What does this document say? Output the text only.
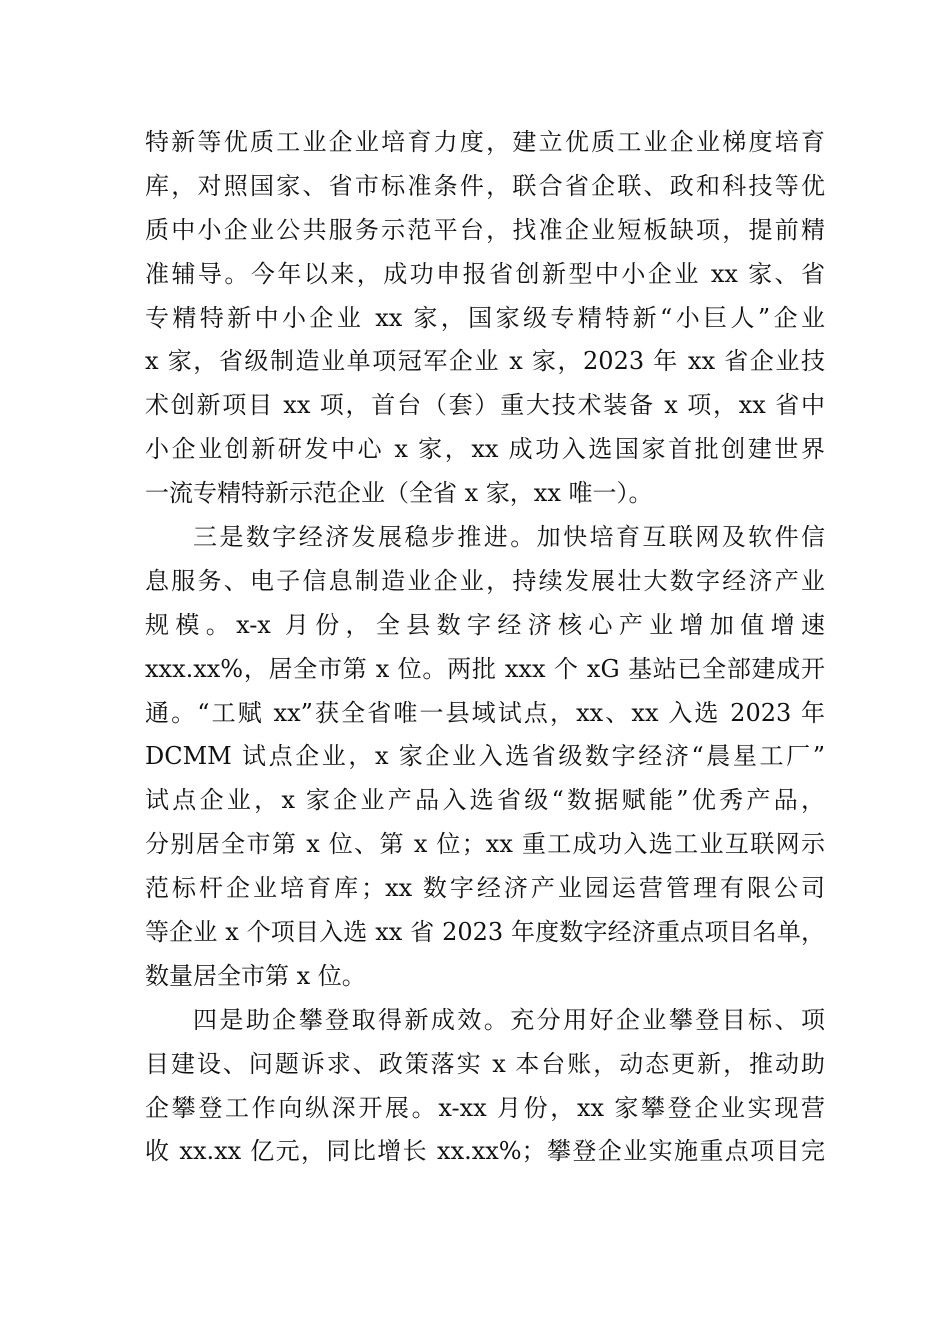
特新等优质工业企业培育力度，建立优质工业企业梯度培育
库，对照国家、省市标准条件，联合省企联、政和科技等优
质中小企业公共服务示范平台，找准企业短板缺项，提前精
准辅导。今年以来，成功申报省创新型中小企业 xx 家、省
专精特新中小企业 xx 家，国家级专精特新“小巨人”企业
x 家，省级制造业单项冠军企业 x 家，2023 年 xx 省企业技
术创新项目 xx 项，首台（套）重大技术装备 x 项，xx 省中
小企业创新研发中心 x 家，xx 成功入选国家首批创建世界
一流专精特新示范企业（全省 x 家，xx 唯一）。
三是数字经济发展稳步推进。加快培育互联网及软件信
息服务、电子信息制造业企业，持续发展壮大数字经济产业
规模。x-x 月份，全县数字经济核心产业增加值增速
xxx.xx%，居全市第 x 位。两批 xxx 个 xG 基站已全部建成开
通。“工赋 xx”获全省唯一县域试点，xx、xx 入选 2023 年
DCMM 试点企业，x 家企业入选省级数字经济“晨星工厂”
试点企业，x 家企业产品入选省级“数据赋能”优秀产品，
分别居全市第 x 位、第 x 位；xx 重工成功入选工业互联网示
范标杆企业培育库；xx 数字经济产业园运营管理有限公司
等企业 x 个项目入选 xx 省 2023 年度数字经济重点项目名单，
数量居全市第 x 位。
四是助企攀登取得新成效。充分用好企业攀登目标、项
目建设、问题诉求、政策落实 x 本台账，动态更新，推动助
企攀登工作向纵深开展。x-xx 月份，xx 家攀登企业实现营
收 xx.xx 亿元，同比增长 xx.xx%；攀登企业实施重点项目完
